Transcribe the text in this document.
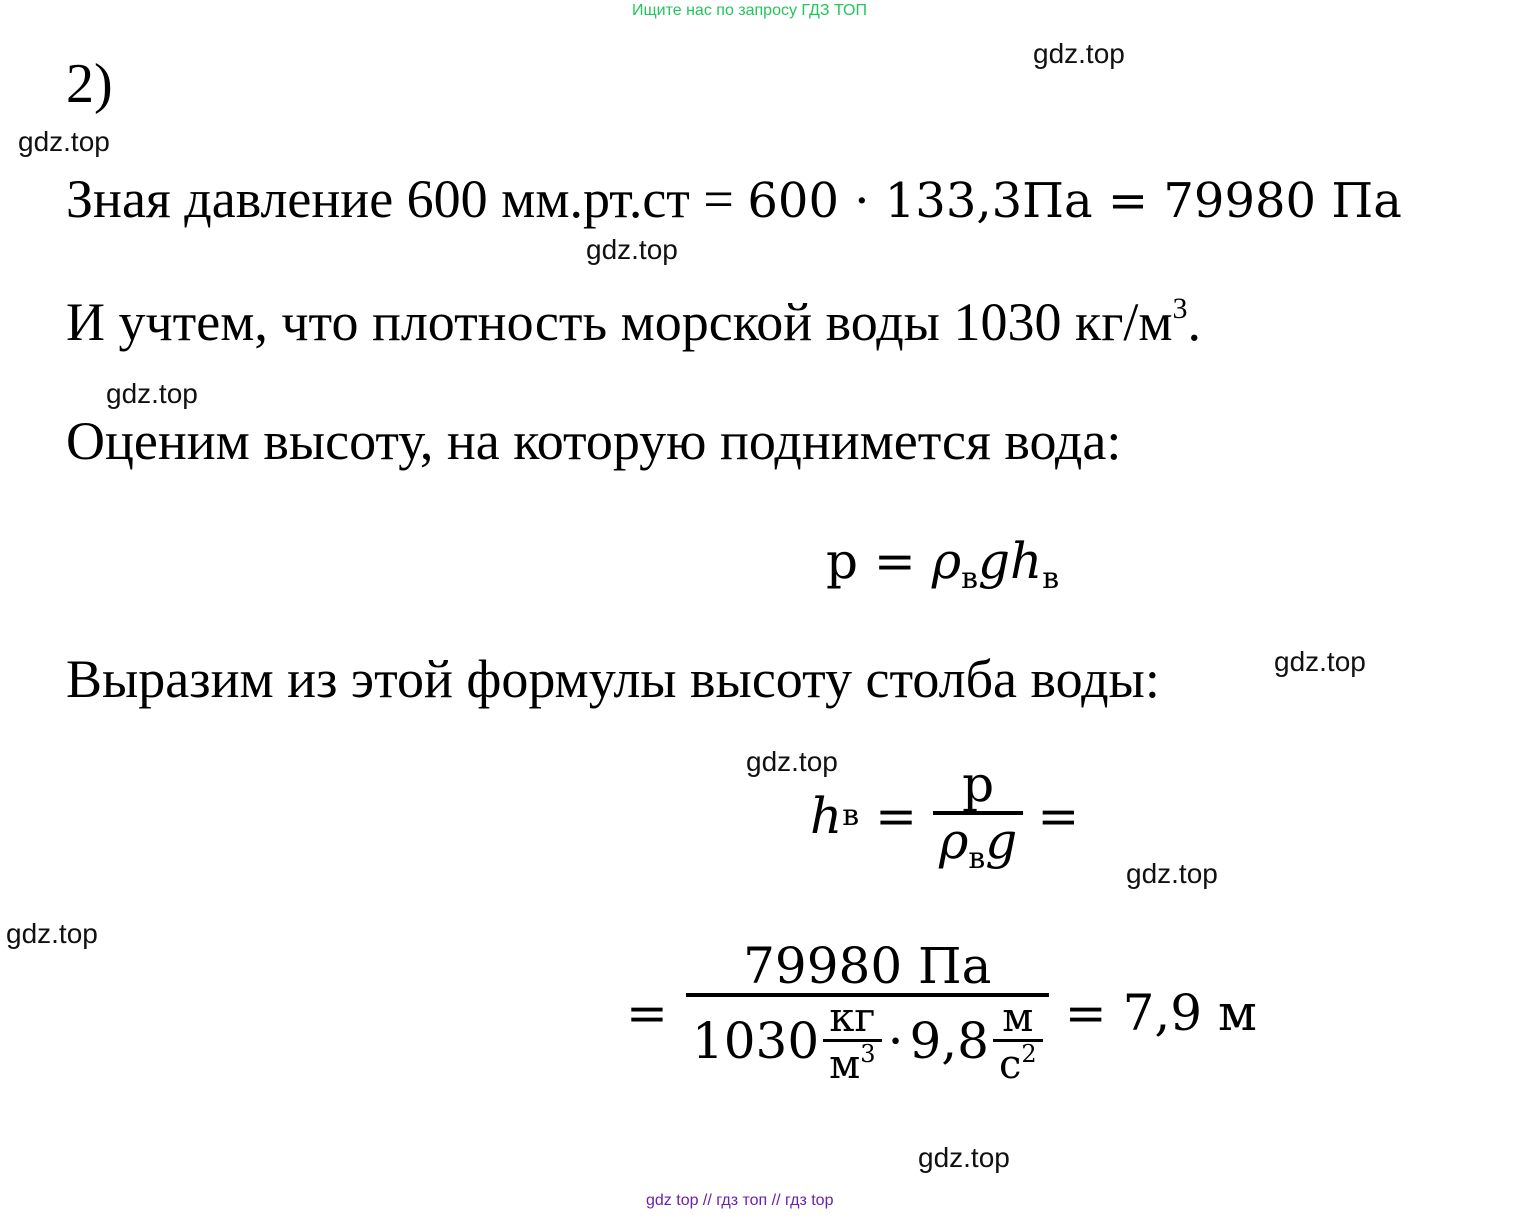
Ищите нас по запросу ГДЗ ТОП
gdz top // гдз топ // гдз top
gdz.top
gdz.top
gdz.top
gdz.top
gdz.top
gdz.top
gdz.top
gdz.top
gdz.top
2)
Зная давление 600 мм.рт.ст = 600 · 133,3Па = 79980 Па
И учтем, что плотность морской воды 1030 $кг/м^3$.
Оценим высоту, на которую поднимется вода:
$p = \rho_вgh_в$
Выразим из этой формулы высоту столба воды:
h $в = \frac{p}{\rho_вg}$ =
=
79980 Па
$1030 \frac{кг}{м^3} \cdot 9,8 \frac{м}{с^2} = 7,9$ м
